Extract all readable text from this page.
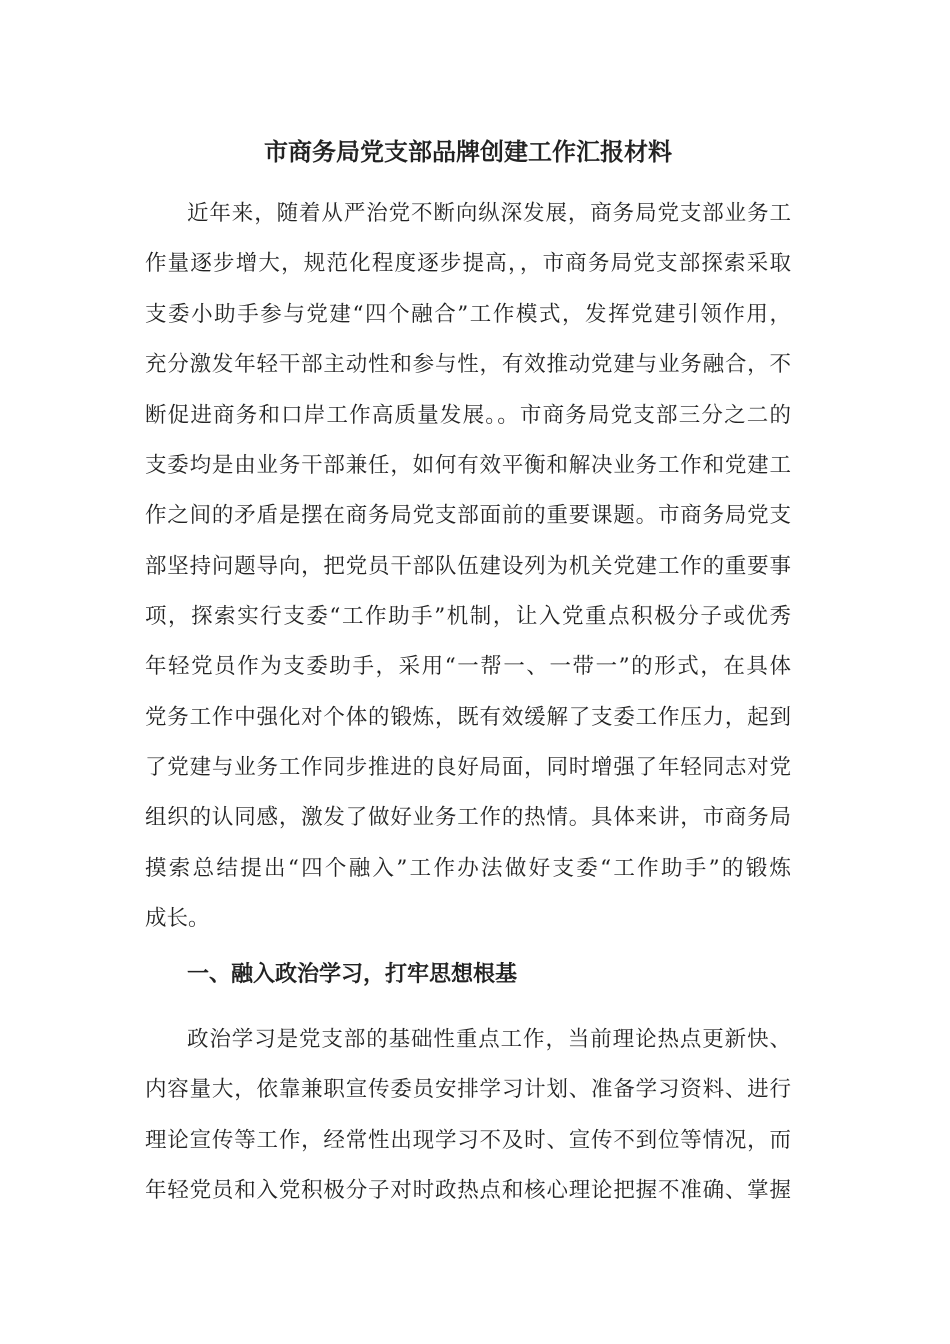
市商务局党支部品牌创建工作汇报材料

近年来，随着从严治党不断向纵深发展，商务局党支部业务工

作量逐步增大，规范化程度逐步提高，，市商务局党支部探索采取

支委小助手参与党建“四个融合”工作模式，发挥党建引领作用，

充分激发年轻干部主动性和参与性，有效推动党建与业务融合，不

断促进商务和口岸工作高质量发展。。市商务局党支部三分之二的

支委均是由业务干部兼任，如何有效平衡和解决业务工作和党建工

作之间的矛盾是摆在商务局党支部面前的重要课题。市商务局党支

部坚持问题导向，把党员干部队伍建设列为机关党建工作的重要事

项，探索实行支委“工作助手”机制，让入党重点积极分子或优秀

年轻党员作为支委助手，采用“一帮一、一带一”的形式，在具体

党务工作中强化对个体的锻炼，既有效缓解了支委工作压力，起到

了党建与业务工作同步推进的良好局面，同时增强了年轻同志对党

组织的认同感，激发了做好业务工作的热情。具体来讲，市商务局

摸索总结提出“四个融入”工作办法做好支委“工作助手”的锻炼

成长。

一、融入政治学习，打牢思想根基

政治学习是党支部的基础性重点工作，当前理论热点更新快、

内容量大，依靠兼职宣传委员安排学习计划、准备学习资料、进行

理论宣传等工作，经常性出现学习不及时、宣传不到位等情况，而

年轻党员和入党积极分子对时政热点和核心理论把握不准确、掌握
